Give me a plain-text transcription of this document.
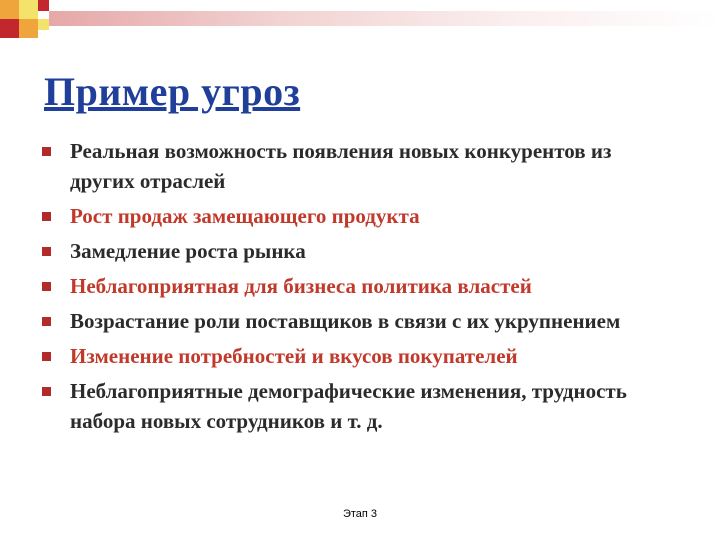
Пример угроз
Реальная возможность появления новых конкурентов из других отраслей
Рост продаж замещающего продукта
Замедление роста рынка
Неблагоприятная для бизнеса политика властей
Возрастание роли поставщиков в связи с их укрупнением
Изменение потребностей и вкусов покупателей
Неблагоприятные демографические изменения, трудность набора новых сотрудников и т. д.
Этап 3
